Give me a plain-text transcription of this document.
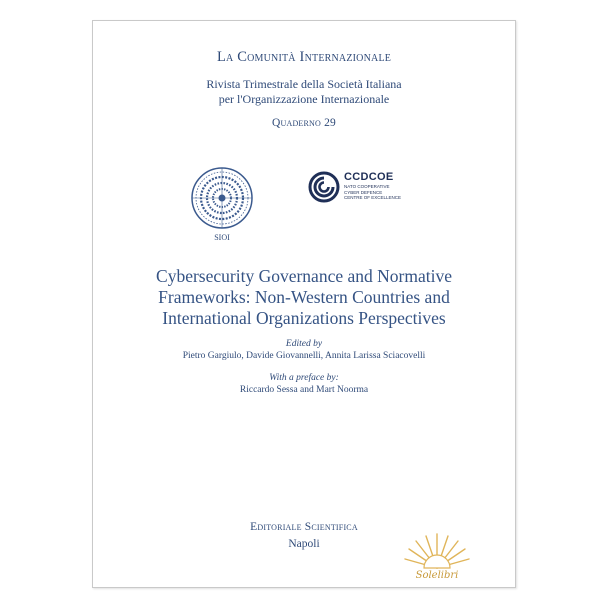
La Comunità Internazionale
Rivista Trimestrale della Società Italiana
per l'Organizzazione Internazionale
Quaderno 29
SIOI
CCDCOE
NATO COOPERATIVE
CYBER DEFENCE
CENTRE OF EXCELLENCE
Cybersecurity Governance and Normative
Frameworks: Non-Western Countries and
International Organizations Perspectives
Edited by
Pietro Gargiulo, Davide Giovannelli, Annita Larissa Sciacovelli
With a preface by:
Riccardo Sessa and Mart Noorma
Editoriale Scientifica
Napoli
Solelibri
